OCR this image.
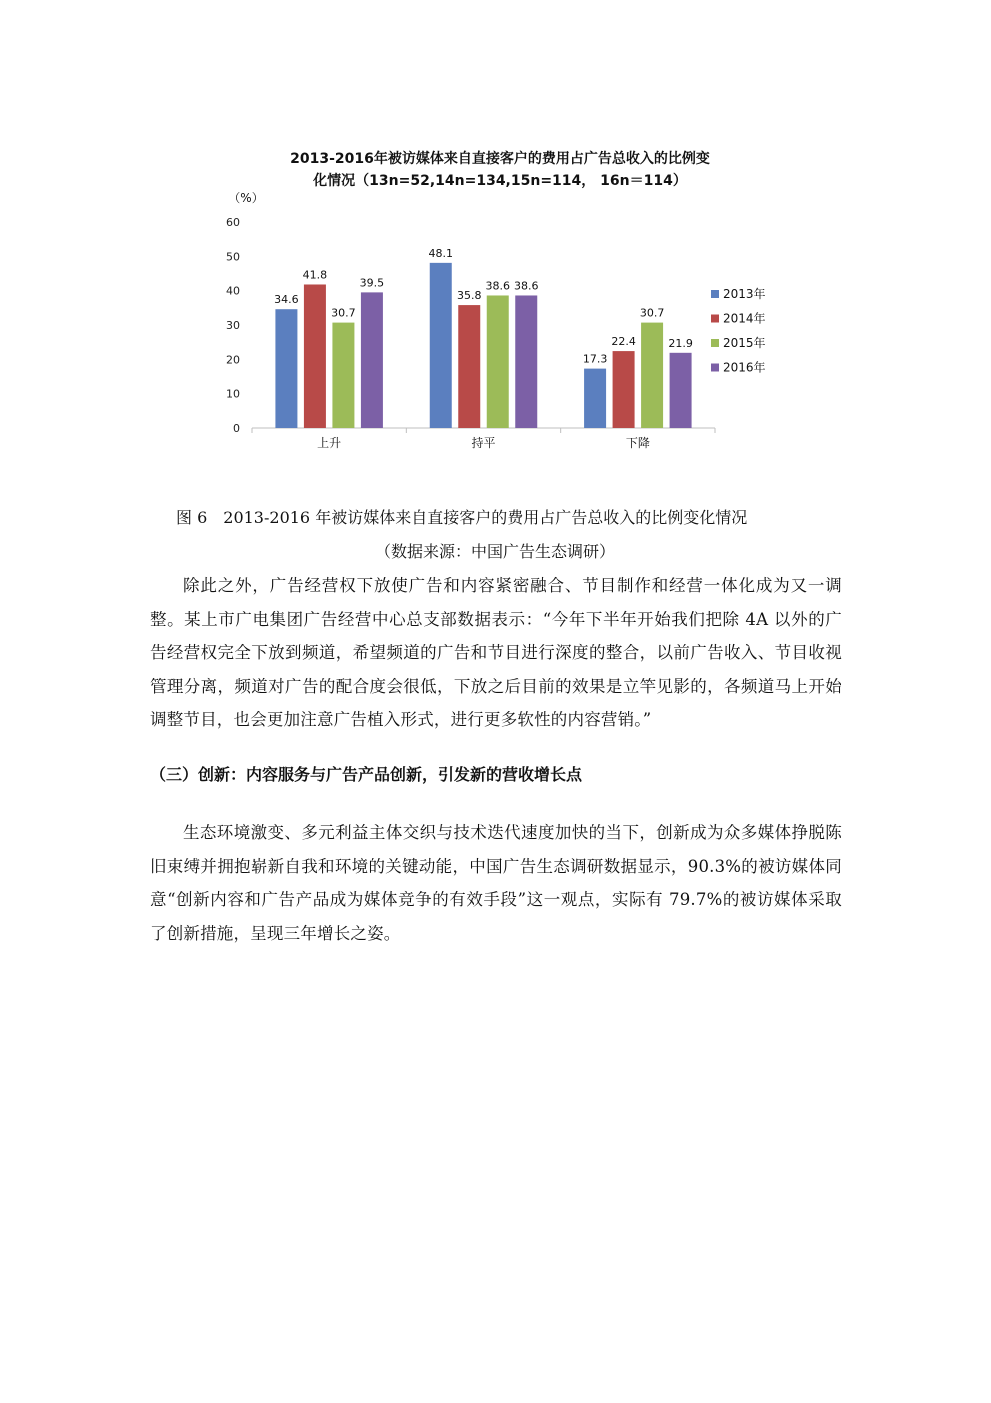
2013-2016年被访媒体来自直接客户的费用占广告总收入的比例变
化情况（13n=52,14n=134,15n=114， 16n＝114）
（%）
0
10
20
30
40
50
60
34.6
41.8
30.7
39.5
上升
48.1
35.8
38.6 38.6
持平
17.3
22.4
30.7
21.9
下降
2013年
2014年
2015年
2016年
图 6　2013-2016 年被访媒体来自直接客户的费用占广告总收入的比例变化情况
（数据来源：中国广告生态调研）
除此之外，广告经营权下放使广告和内容紧密融合、节目制作和经营一体化成为又一调整。某上市广电集团广告经营中心总支部数据表示：“今年下半年开始我们把除 4A 以外的广告经营权完全下放到频道，希望频道的广告和节目进行深度的整合，以前广告收入、节目收视管理分离，频道对广告的配合度会很低，下放之后目前的效果是立竿见影的，各频道马上开始调整节目，也会更加注意广告植入形式，进行更多软性的内容营销。”
（三）创新：内容服务与广告产品创新，引发新的营收增长点
生态环境激变、多元利益主体交织与技术迭代速度加快的当下，创新成为众多媒体挣脱陈旧束缚并拥抱崭新自我和环境的关键动能，中国广告生态调研数据显示，90.3%的被访媒体同意“创新内容和广告产品成为媒体竞争的有效手段”这一观点，实际有 79.7%的被访媒体采取了创新措施，呈现三年增长之姿。
